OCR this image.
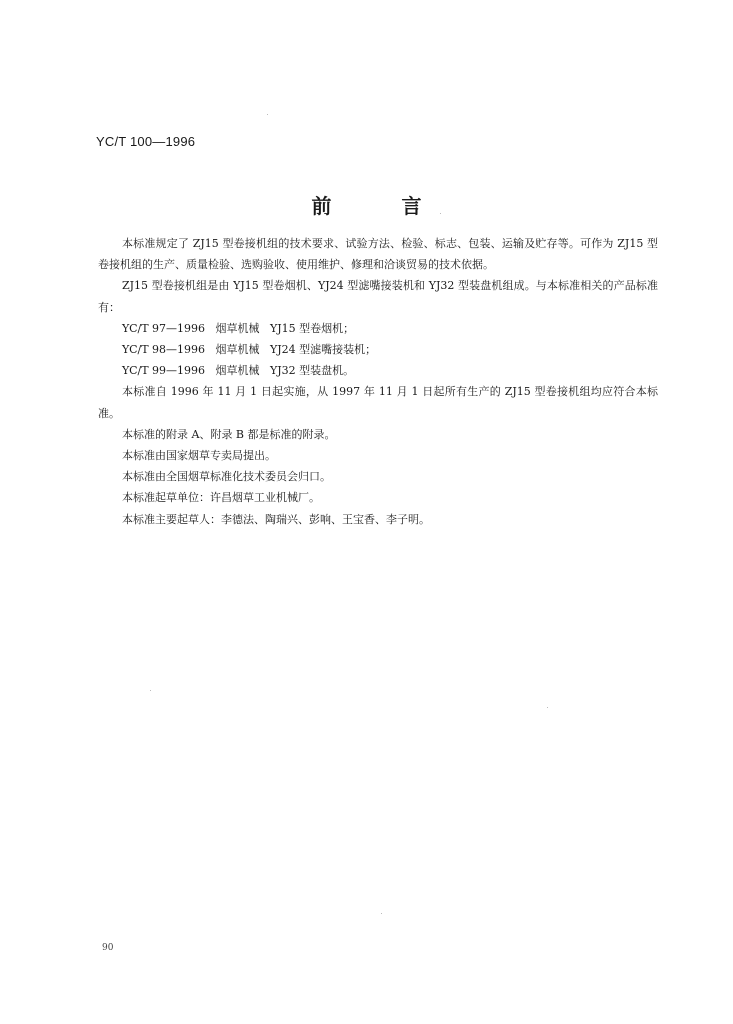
YC/T 100—1996
前	言

本标准规定了 ZJ15 型卷接机组的技术要求、试验方法、检验、标志、包装、运输及贮存等。可作为 ZJ15 型卷接机组的生产、质量检验、选购验收、使用维护、修理和洽谈贸易的技术依据。

ZJ15 型卷接机组是由 YJ15 型卷烟机、YJ24 型滤嘴接装机和 YJ32 型装盘机组成。与本标准相关的产品标准有：

YC/T 97—1996   烟草机械   YJ15 型卷烟机；

YC/T 98—1996   烟草机械   YJ24 型滤嘴接装机；

YC/T 99—1996   烟草机械   YJ32 型装盘机。

本标准自 1996 年 11 月 1 日起实施，从 1997 年 11 月 1 日起所有生产的 ZJ15 型卷接机组均应符合本标准。

本标准的附录 A、附录 B 都是标准的附录。

本标准由国家烟草专卖局提出。

本标准由全国烟草标准化技术委员会归口。

本标准起草单位：许昌烟草工业机械厂。

本标准主要起草人：李德法、陶瑞兴、彭响、王宝香、李子明。

90
